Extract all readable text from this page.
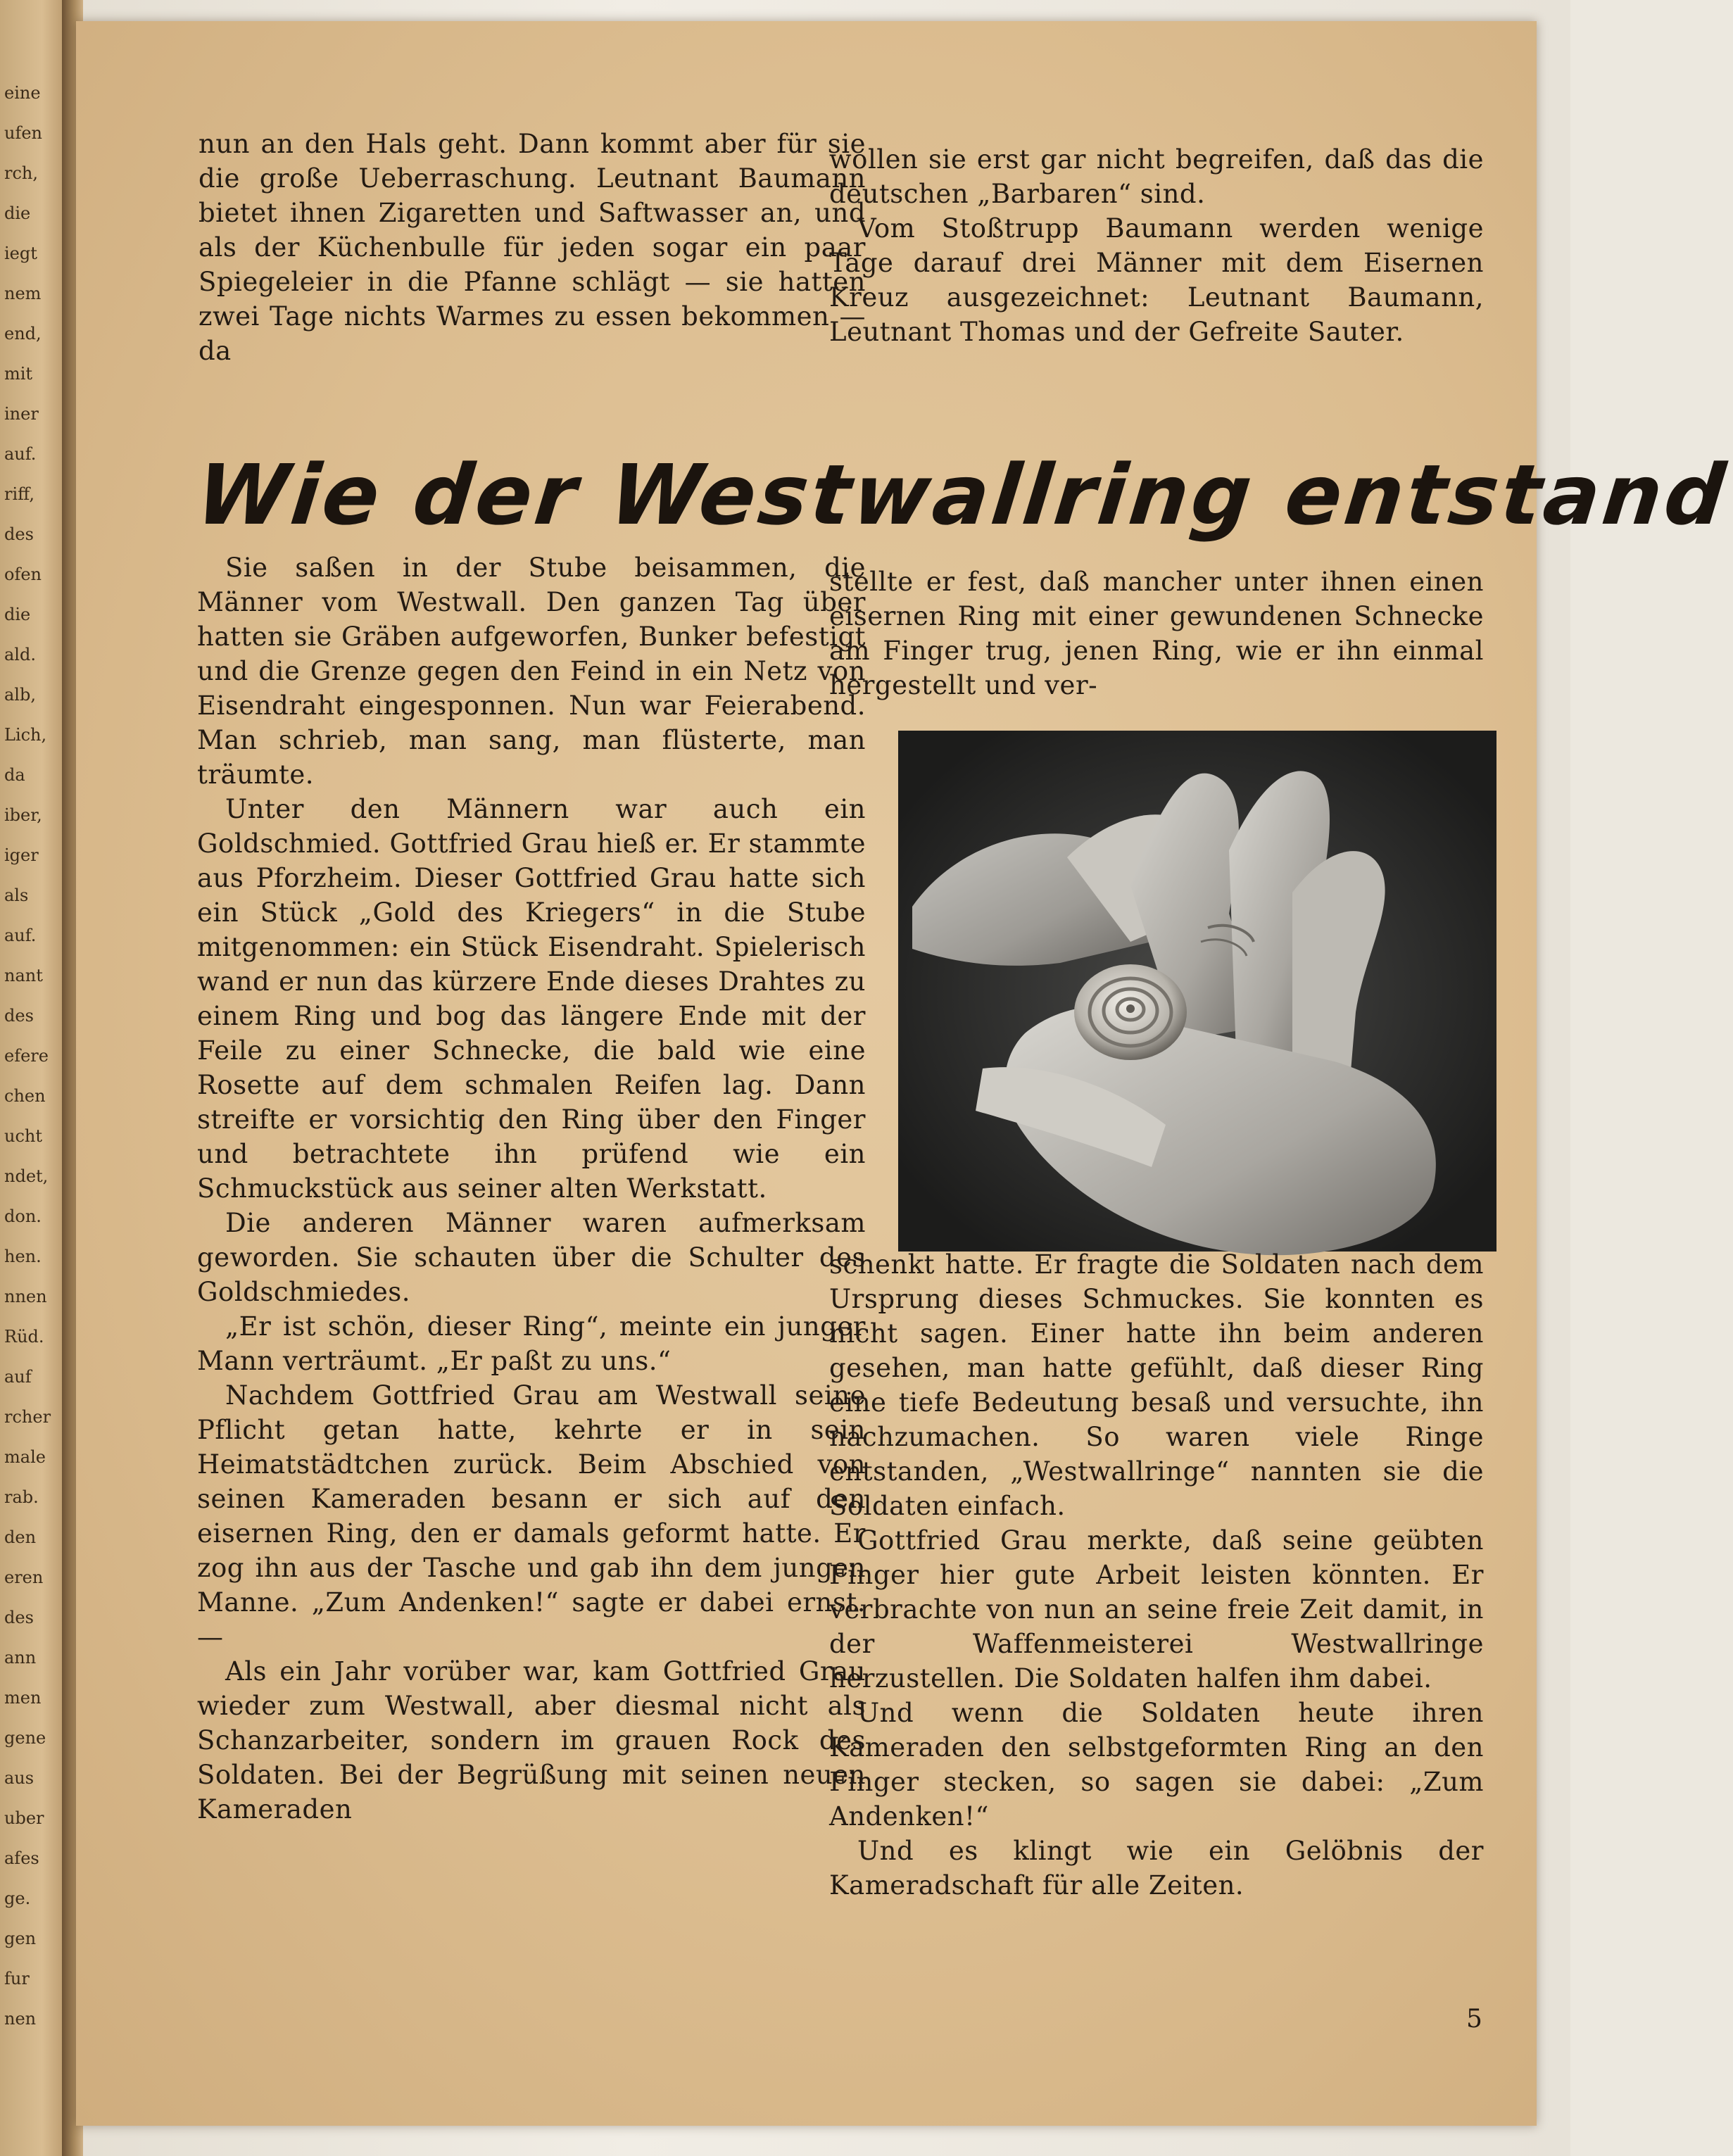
eine
ufen
rch,
die
iegt
nem
end,
mit
iner
auf.
riff,
des
ofen
die
ald.
alb,
Lich,
da
iber,
iger
als
auf.
nant
des
efere
chen
ucht
ndet,
don.
hen.
nnen
Rüd.
auf
rcher
male
rab.
den
eren
des
ann
men
gene
aus
uber
afes
ge.
gen
fur
nen

nun an den Hals geht. Dann kommt aber für sie die große Ueberraschung. Leutnant Baumann bietet ihnen Zigaretten und Saftwasser an, und als der Küchenbulle für jeden sogar ein paar Spiegeleier in die Pfanne schlägt — sie hatten zwei Tage nichts Warmes zu essen bekommen — da

wollen sie erst gar nicht begreifen, daß das die deutschen „Barbaren“ sind.

Vom Stoßtrupp Baumann werden wenige Tage darauf drei Männer mit dem Eisernen Kreuz ausgezeichnet: Leutnant Baumann, Leutnant Thomas und der Gefreite Sauter.

Wie der Westwallring entstand

Sie saßen in der Stube beisammen, die Männer vom Westwall. Den ganzen Tag über hatten sie Gräben aufgeworfen, Bunker befestigt und die Grenze gegen den Feind in ein Netz von Eisendraht eingesponnen. Nun war Feierabend. Man schrieb, man sang, man flüsterte, man träumte.

Unter den Männern war auch ein Goldschmied. Gottfried Grau hieß er. Er stammte aus Pforzheim. Dieser Gottfried Grau hatte sich ein Stück „Gold des Kriegers“ in die Stube mitgenommen: ein Stück Eisendraht. Spielerisch wand er nun das kürzere Ende dieses Drahtes zu einem Ring und bog das längere Ende mit der Feile zu einer Schnecke, die bald wie eine Rosette auf dem schmalen Reifen lag. Dann streifte er vorsichtig den Ring über den Finger und betrachtete ihn prüfend wie ein Schmuckstück aus seiner alten Werkstatt.

Die anderen Männer waren aufmerksam geworden. Sie schauten über die Schulter des Goldschmiedes.

„Er ist schön, dieser Ring“, meinte ein junger Mann verträumt. „Er paßt zu uns.“

Nachdem Gottfried Grau am Westwall seine Pflicht getan hatte, kehrte er in sein Heimatstädtchen zurück. Beim Abschied von seinen Kameraden besann er sich auf den eisernen Ring, den er damals geformt hatte. Er zog ihn aus der Tasche und gab ihn dem jungen Manne. „Zum Andenken!“ sagte er dabei ernst. —

Als ein Jahr vorüber war, kam Gottfried Grau wieder zum Westwall, aber diesmal nicht als Schanzarbeiter, sondern im grauen Rock des Soldaten. Bei der Begrüßung mit seinen neuen Kameraden

stellte er fest, daß mancher unter ihnen einen eisernen Ring mit einer gewundenen Schnecke am Finger trug, jenen Ring, wie er ihn einmal hergestellt und ver-

schenkt hatte. Er fragte die Soldaten nach dem Ursprung dieses Schmuckes. Sie konnten es nicht sagen. Einer hatte ihn beim anderen gesehen, man hatte gefühlt, daß dieser Ring eine tiefe Bedeutung besaß und versuchte, ihn nachzumachen. So waren viele Ringe entstanden, „Westwallringe“ nannten sie die Soldaten einfach.

Gottfried Grau merkte, daß seine geübten Finger hier gute Arbeit leisten könnten. Er verbrachte von nun an seine freie Zeit damit, in der Waffenmeisterei Westwallringe herzustellen. Die Soldaten halfen ihm dabei.

Und wenn die Soldaten heute ihren Kameraden den selbstgeformten Ring an den Finger stecken, so sagen sie dabei: „Zum Andenken!“

Und es klingt wie ein Gelöbnis der Kameradschaft für alle Zeiten.

5
